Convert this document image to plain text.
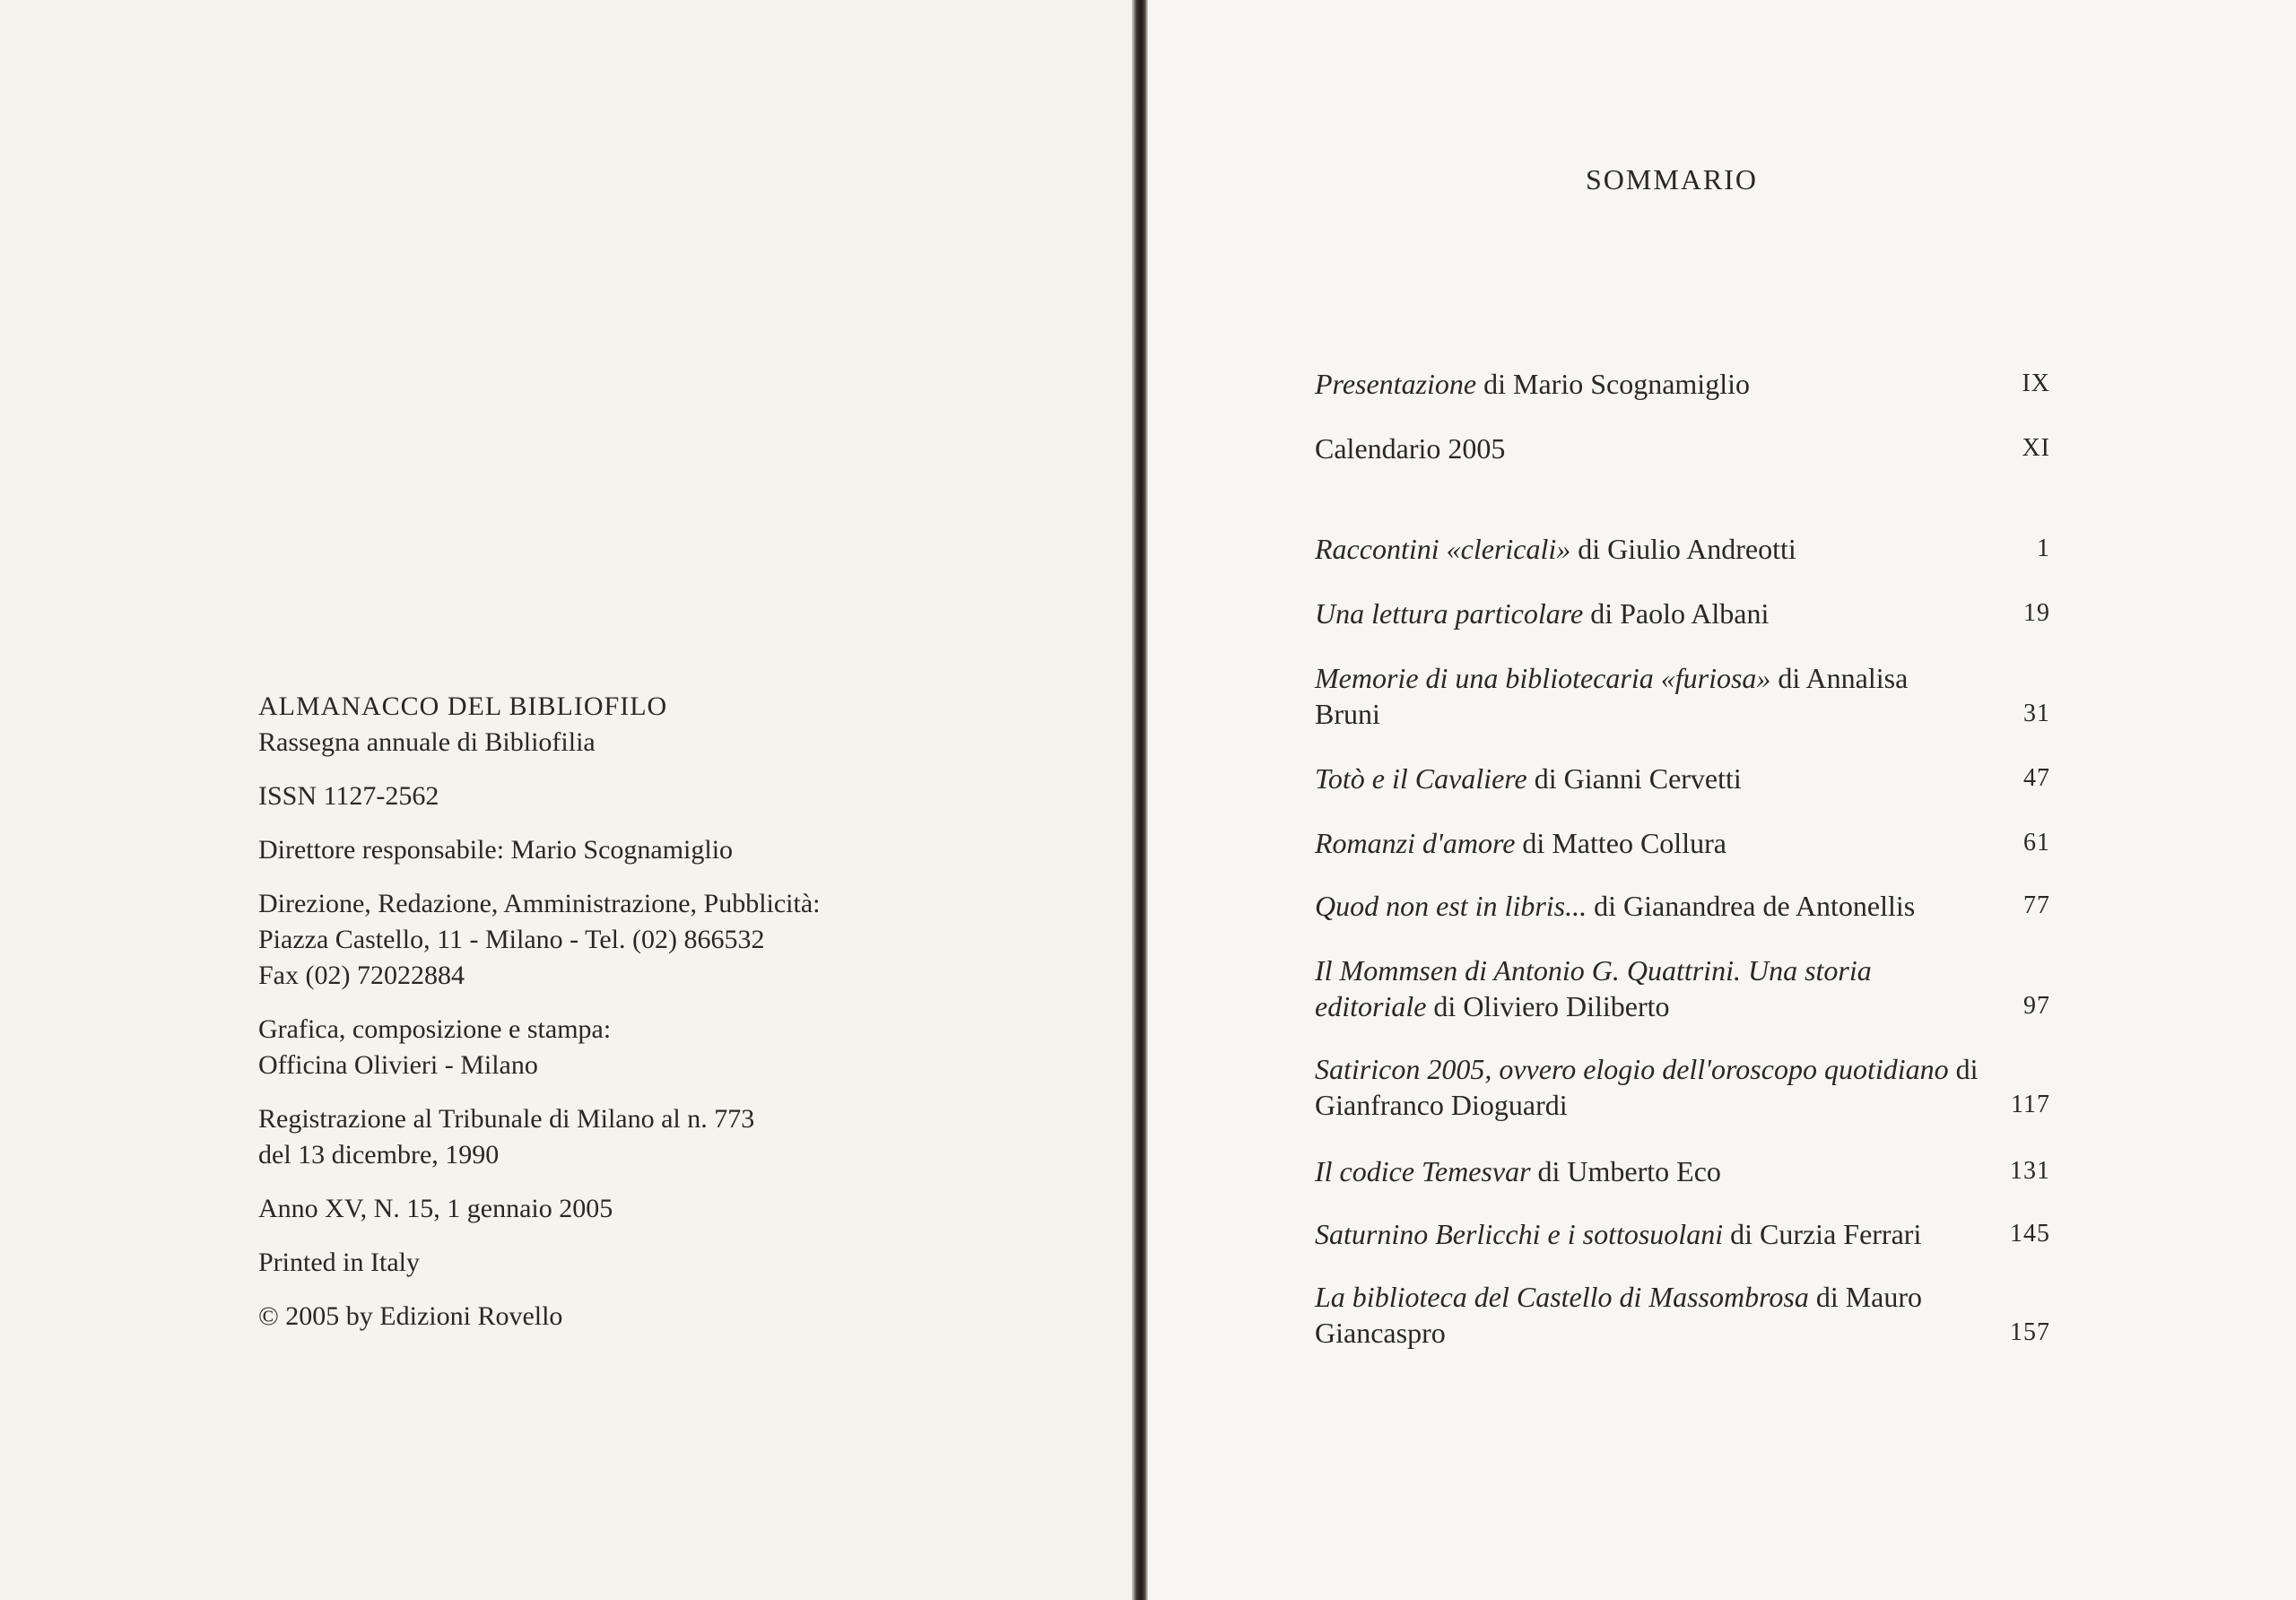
ALMANACCO DEL BIBLIOFILO
Rassegna annuale di Bibliofilia
ISSN 1127-2562
Direttore responsabile: Mario Scognamiglio
Direzione, Redazione, Amministrazione, Pubblicità:
Piazza Castello, 11 - Milano - Tel. (02) 866532
Fax (02) 72022884
Grafica, composizione e stampa:
Officina Olivieri - Milano
Registrazione al Tribunale di Milano al n. 773
del 13 dicembre, 1990
Anno XV, N. 15, 1 gennaio 2005
Printed in Italy
© 2005 by Edizioni Rovello
SOMMARIO
Presentazione di Mario Scognamiglio	IX
Calendario 2005	XI
Raccontini «clericali» di Giulio Andreotti	1
Una lettura particolare di Paolo Albani	19
Memorie di una bibliotecaria «furiosa» di Annalisa Bruni	31
Totò e il Cavaliere di Gianni Cervetti	47
Romanzi d'amore di Matteo Collura	61
Quod non est in libris... di Gianandrea de Antonellis	77
Il Mommsen di Antonio G. Quattrini. Una storia editoriale di Oliviero Diliberto	97
Satiricon 2005, ovvero elogio dell'oroscopo quotidiano di Gianfranco Dioguardi	117
Il codice Temesvar di Umberto Eco	131
Saturnino Berlicchi e i sottosuolani di Curzia Ferrari	145
La biblioteca del Castello di Massombrosa di Mauro Giancaspro	157
